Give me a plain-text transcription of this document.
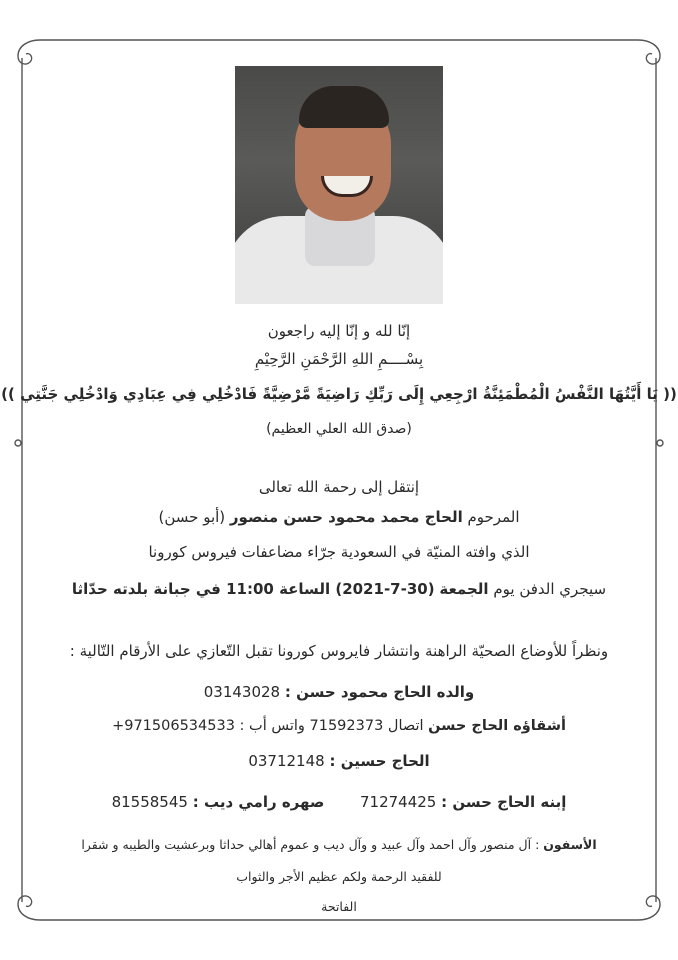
إنّا لله و إنّا إليه راجعون
بِسْــــمِ اللهِ الرَّحْمَنِ الرَّحِيْمِ
(( يَا أَيَّتُهَا النَّفْسُ الْمُطْمَئِنَّةُ ارْجِعِي إِلَى رَبِّكِ رَاضِيَةً مَّرْضِيَّةً فَادْخُلِي فِي عِبَادِي وَادْخُلِي جَنَّتِي ))
(صدق الله العلي العظيم)
إنتقل إلى رحمة الله تعالى
المرحوم الحاج محمد محمود حسن منصور (أبو حسن)
الذي وافته المنيّة في السعودية جرّاء مضاعفات فيروس كورونا
سيجري الدفن يوم الجمعة (30-7-2021) الساعة 11:00 في جبانة بلدته حدّاثا
ونظراً للأوضاع الصحيّة الراهنة وانتشار فايروس كورونا تقبل التّعازي على الأرقام التّالية :
والده الحاج محمود حسن : 03143028
أشقاؤه الحاج حسن اتصال 71592373 واتس أب : 971506534533+
الحاج حسين : 03712148
إبنه الحاج حسن : 71274425  صهره رامي ديب : 81558545
الأسفون : آل منصور وآل احمد وآل عبيد و وآل ديب و عموم أهالي حداثا وبرعشيت والطيبه و شقرا
للفقيد الرحمة ولكم عظيم الأجر والثواب
الفاتحة
